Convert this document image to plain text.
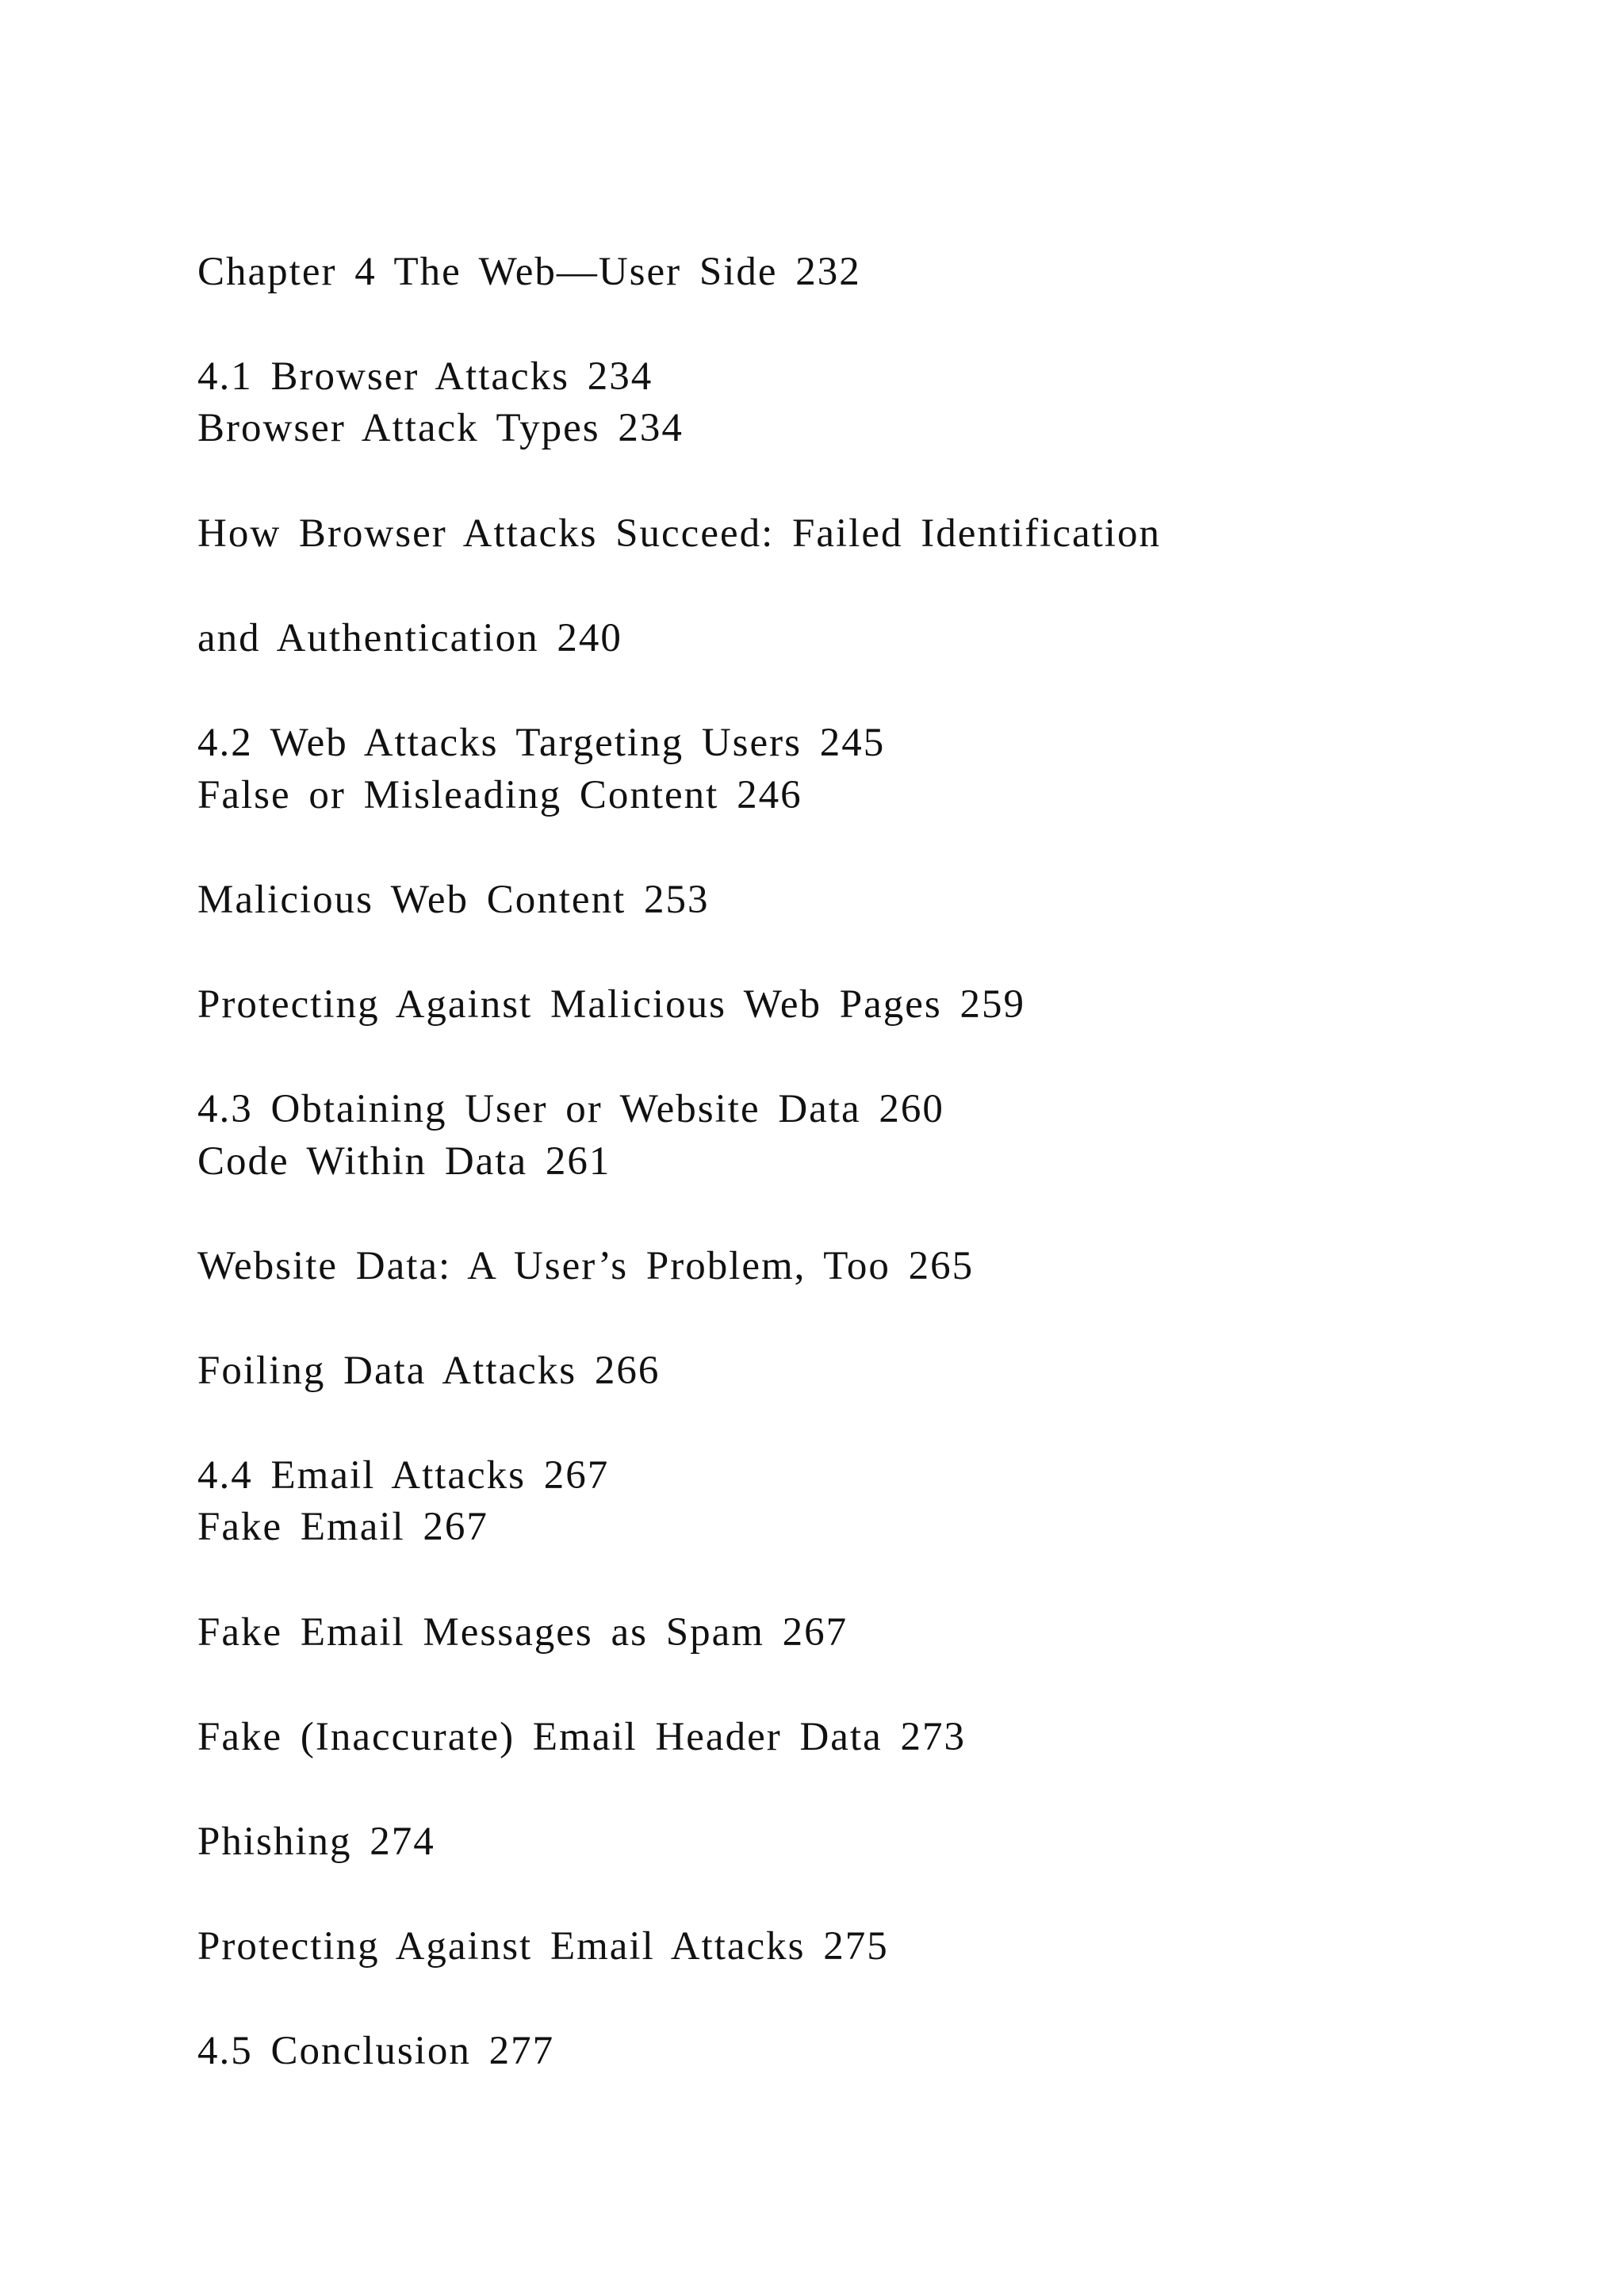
Chapter 4 The Web—User Side 232

4.1 Browser Attacks 234

Browser Attack Types 234

How Browser Attacks Succeed: Failed Identification

and Authentication 240

4.2 Web Attacks Targeting Users 245

False or Misleading Content 246

Malicious Web Content 253

Protecting Against Malicious Web Pages 259

4.3 Obtaining User or Website Data 260

Code Within Data 261

Website Data: A User’s Problem, Too 265

Foiling Data Attacks 266

4.4 Email Attacks 267

Fake Email 267

Fake Email Messages as Spam 267

Fake (Inaccurate) Email Header Data 273

Phishing 274

Protecting Against Email Attacks 275

4.5 Conclusion 277
